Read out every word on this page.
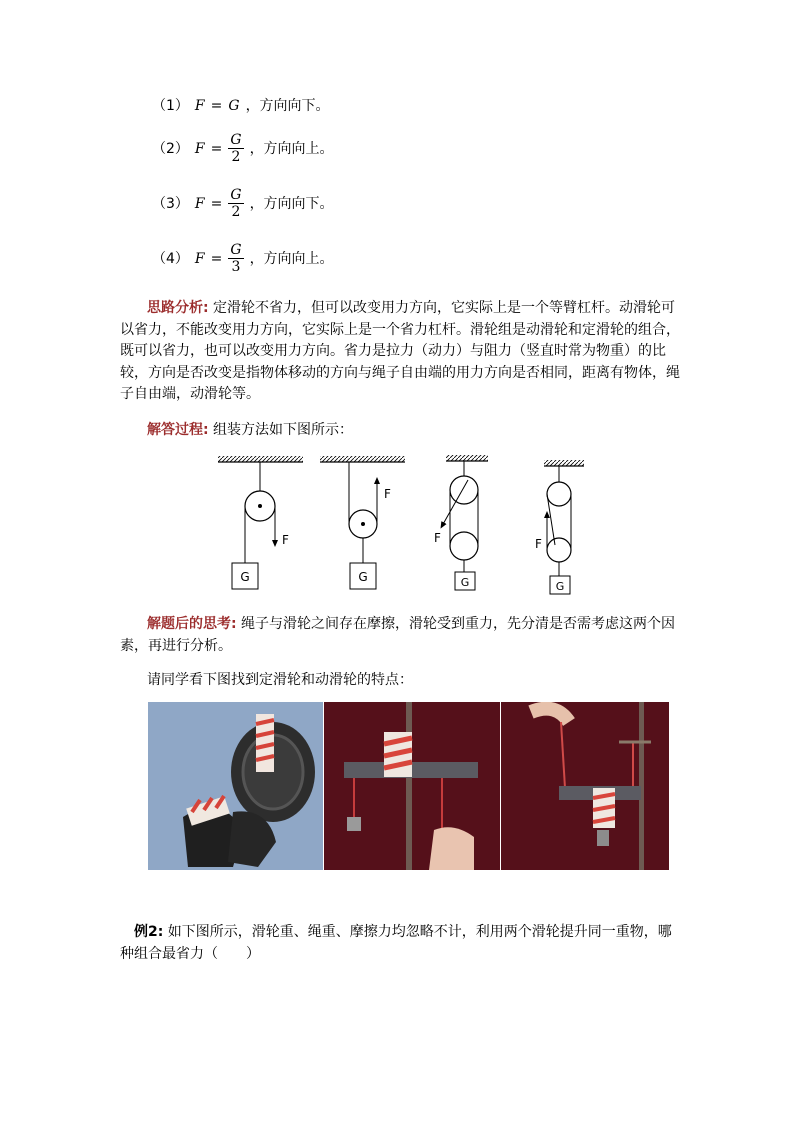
（1） F = G ，方向向下。
（2） $F = \frac{G}{2}$ ，方向向上。
（3） $F = \frac{G}{2}$ ，方向向下。
（4） $F = \frac{G}{3}$ ，方向向上。
思路分析: 定滑轮不省力，但可以改变用力方向，它实际上是一个等臂杠杆。动滑轮可以省力，不能改变用力方向，它实际上是一个省力杠杆。滑轮组是动滑轮和定滑轮的组合，既可以省力，也可以改变用力方向。省力是拉力（动力）与阻力（竖直时常为物重）的比较，方向是否改变是指物体移动的方向与绳子自由端的用力方向是否相同，距离有物体，绳子自由端，动滑轮等。
解答过程: 组装方法如下图所示：
G
F
G
F
G
F
G
F
解题后的思考: 绳子与滑轮之间存在摩擦，滑轮受到重力，先分清是否需考虑这两个因素，再进行分析。
请同学看下图找到定滑轮和动滑轮的特点：
例2: 如下图所示，滑轮重、绳重、摩擦力均忽略不计，利用两个滑轮提升同一重物，哪种组合最省力（　　）
